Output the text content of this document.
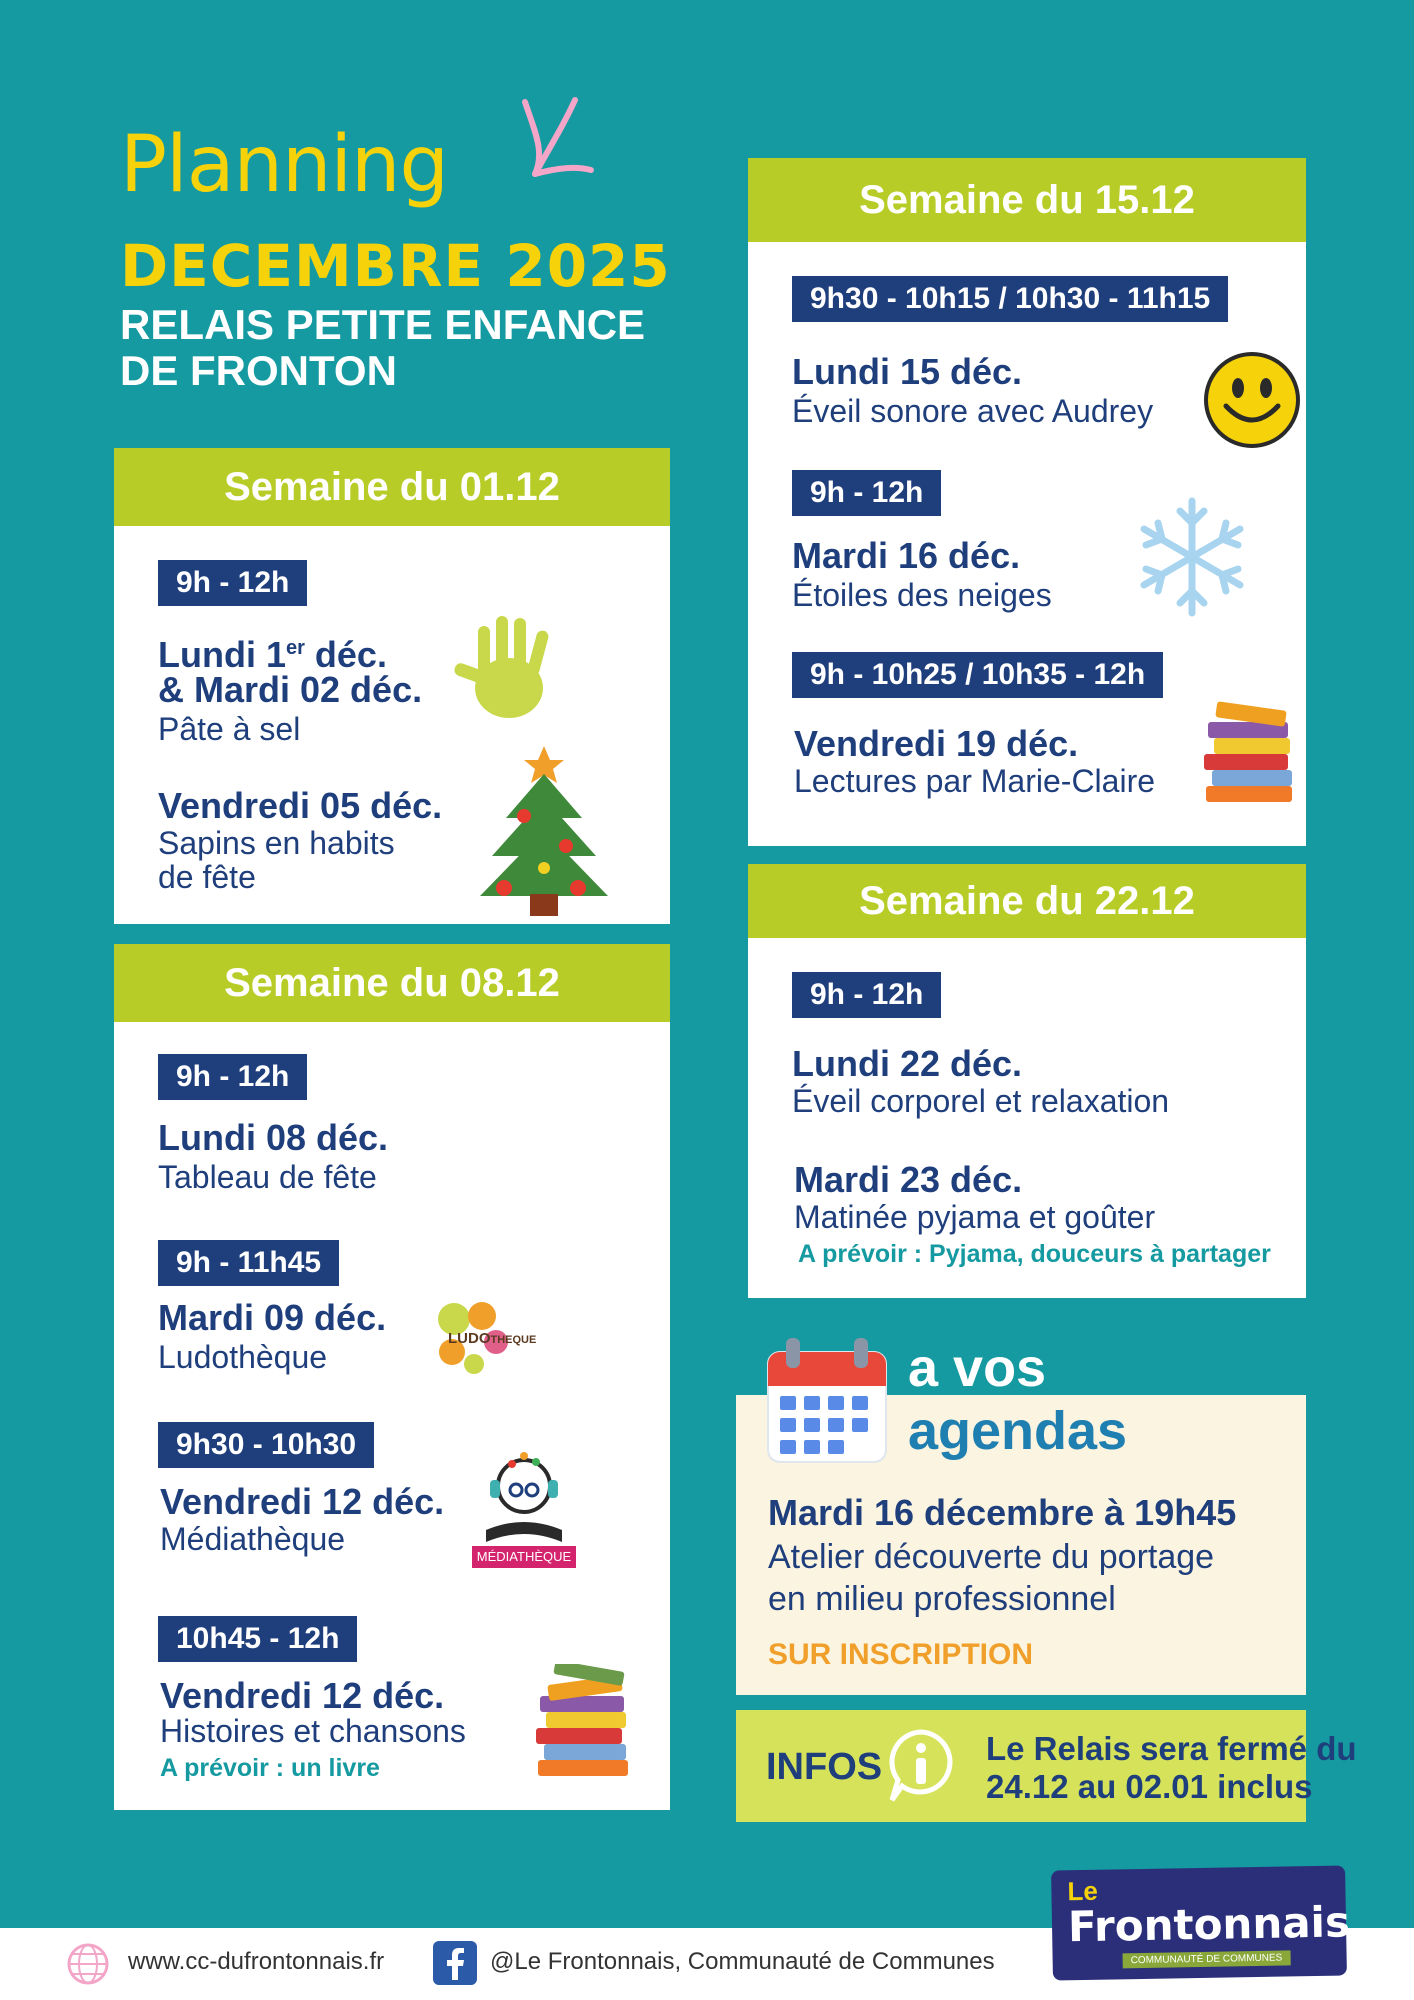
Planning
DECEMBRE 2025
RELAIS PETITE ENFANCE
DE FRONTON
Semaine du 01.12
9h - 12h
Lundi 1er déc.
& Mardi 02 déc.
Pâte à sel
Vendredi 05 déc.
Sapins en habits
de fête
Semaine du 08.12
9h - 12h
Lundi 08 déc.
Tableau de fête
9h - 11h45
Mardi 09 déc.
Ludothèque
LUDOTHEQUE
9h30 - 10h30
Vendredi 12 déc.
Médiathèque	MÉDIATHÈQUE
10h45 - 12h
Vendredi 12 déc.
Histoires et chansons
A prévoir : un livre
Semaine du 15.12
9h30 - 10h15 / 10h30 - 11h15
Lundi 15 déc.
Éveil sonore avec Audrey
9h - 12h
Mardi 16 déc.
Étoiles des neiges
9h - 10h25 / 10h35 - 12h
Vendredi 19 déc.
Lectures par Marie-Claire
Semaine du 22.12
9h - 12h
Lundi 22 déc.
Éveil corporel et relaxation
Mardi 23 déc.
Matinée pyjama et goûter
A prévoir : Pyjama, douceurs à partager
a vos
agendas
Mardi 16 décembre à 19h45
Atelier découverte du portage
en milieu professionnel
SUR INSCRIPTION
INFOS	Le Relais sera fermé du
24.12 au 02.01 inclus
www.cc-dufrontonnais.fr	@Le Frontonnais, Communauté de Communes
Le
Frontonnais
COMMUNAUTÉ DE COMMUNES
